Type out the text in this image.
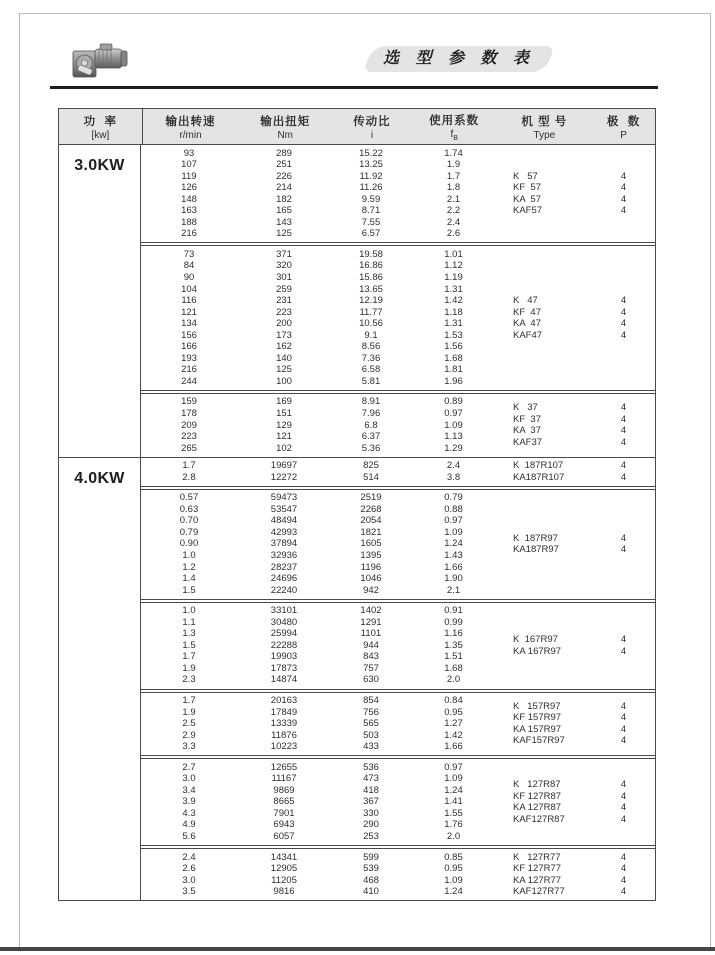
选 型 参 数 表
功  率
[kw]
输出转速
r/min
输出扭矩
Nm
传动比
i
使用系数
$f_B$
机 型 号
Type
极  数
P
3.0KW
93	289	15.22	1.74
107	251	13.25	1.9
119	226	11.92	1.7
126	214	11.26	1.8
148	182	9.59	2.1
163	165	8.71	2.2
188	143	7.55	2.4
216	125	6.57	2.6
K   57	4
KF  57	4
KA  57	4
KAF57	4
73	371	19.58	1.01
84	320	16.86	1.12
90	301	15.86	1.19
104	259	13.65	1.31
116	231	12.19	1.42
121	223	11.77	1.18
134	200	10.56	1.31
156	173	9.1	1.53
166	162	8.56	1.56
193	140	7.36	1.68
216	125	6.58	1.81
244	100	5.81	1.96
K   47	4
KF  47	4
KA  47	4
KAF47	4
159	169	8.91	0.89
178	151	7.96	0.97
209	129	6.8	1.09
223	121	6.37	1.13
265	102	5.36	1.29
K   37	4
KF  37	4
KA  37	4
KAF37	4
4.0KW
1.7	19697	825	2.4
2.8	12272	514	3.8
K  187R107	4
KA187R107	4
0.57	59473	2519	0.79
0.63	53547	2268	0.88
0.70	48494	2054	0.97
0.79	42993	1821	1.09
0.90	37894	1605	1.24
1.0	32936	1395	1.43
1.2	28237	1196	1.66
1.4	24696	1046	1.90
1.5	22240	942	2.1
K  187R97	4
KA187R97	4
1.0	33101	1402	0.91
1.1	30480	1291	0.99
1.3	25994	1101	1.16
1.5	22288	944	1.35
1.7	19903	843	1.51
1.9	17873	757	1.68
2.3	14874	630	2.0
K  167R97	4
KA 167R97	4
1.7	20163	854	0.84
1.9	17849	756	0.95
2.5	13339	565	1.27
2.9	11876	503	1.42
3.3	10223	433	1.66
K   157R97	4
KF 157R97	4
KA 157R97	4
KAF157R97	4
2.7	12655	536	0.97
3.0	11167	473	1.09
3.4	9869	418	1.24
3.9	8665	367	1.41
4.3	7901	330	1.55
4.9	6943	290	1.76
5.6	6057	253	2.0
K   127R87	4
KF 127R87	4
KA 127R87	4
KAF127R87	4
2.4	14341	599	0.85
2.6	12905	539	0.95
3.0	11205	468	1.09
3.5	9816	410	1.24
K   127R77	4
KF 127R77	4
KA 127R77	4
KAF127R77	4
